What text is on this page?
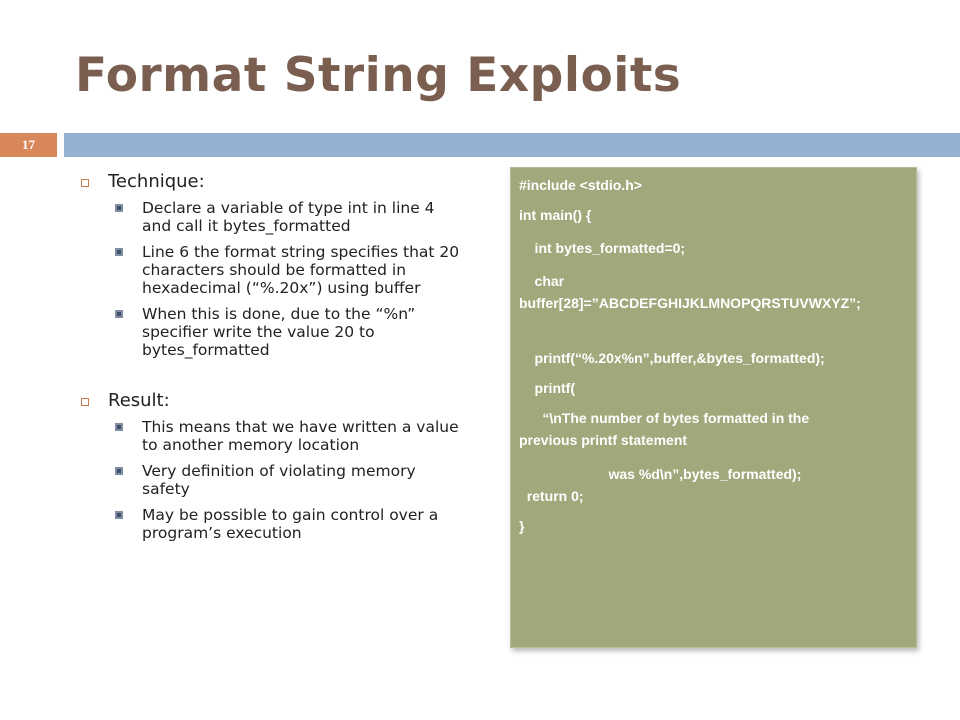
Format String Exploits
17
Technique:
Declare a variable of type int in line 4 and call it bytes_formatted
Line 6 the format string specifies that 20 characters should be formatted in hexadecimal (“%.20x”) using buffer
When this is done, due to the “%n” specifier write the value 20 to bytes_formatted
Result:
This means that we have written a value to another memory location
Very definition of violating memory safety
May be possible to gain control over a program’s execution
#include <stdio.h>
int main() {
int bytes_formatted=0;
char
buffer[28]=”ABCDEFGHIJKLMNOPQRSTUVWXYZ”;
printf(“%.20x%n”,buffer,&bytes_formatted);
printf(
“\nThe number of bytes formatted in the
previous printf statement
was %d\n”,bytes_formatted);
return 0;
}
